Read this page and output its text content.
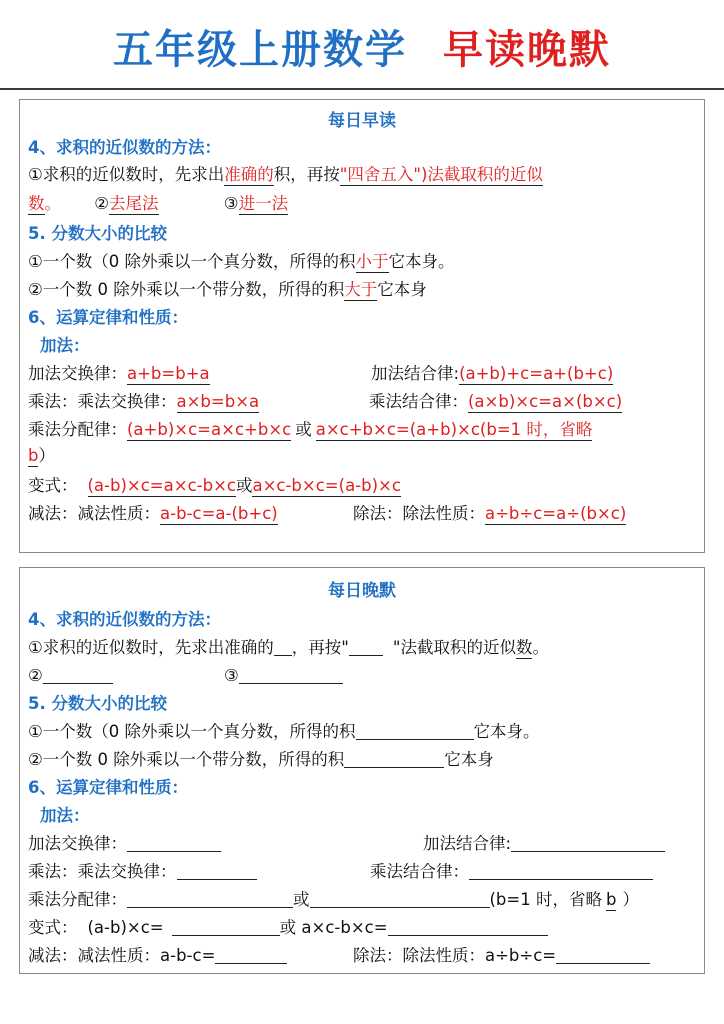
五年级上册数学 早读晚默
每日早读
4、求积的近似数的方法：
①求积的近似数时，先求出准确的积，再按"四舍五入")法截取积的近似
数。 ②去尾法	③进一法
5. 分数大小的比较
①一个数（0 除外乘以一个真分数，所得的积小于它本身。
②一个数 0 除外乘以一个带分数，所得的积大于它本身
6、运算定律和性质：
加法：
加法交换律：a+b=b+a	加法结合律:(a+b)+c=a+(b+c)
乘法：乘法交换律：a×b=b×a	乘法结合律：(a×b)×c=a×(b×c)
乘法分配律：(a+b)×c=a×c+b×c 或 a×c+b×c=(a+b)×c(b=1 时，省略
b）
变式： (a-b)×c=a×c-b×c或a×c-b×c=(a-b)×c
减法：减法性质：a-b-c=a-(b+c)	除法：除法性质：a÷b÷c=a÷(b×c)
每日晚默
4、求积的近似数的方法：
①求积的近似数时，先求出准确的 ，再按"	"法截取积的近似数。
②	③
5. 分数大小的比较
①一个数（0 除外乘以一个真分数，所得的积	它本身。
②一个数 0 除外乘以一个带分数，所得的积	它本身
6、运算定律和性质：
加法：
加法交换律：	加法结合律:
乘法：乘法交换律：	乘法结合律：
乘法分配律：	或	(b=1 时，省略 b ）
变式： (a-b)×c=	或 a×c-b×c=
减法：减法性质：a-b-c=	除法：除法性质：a÷b÷c=
